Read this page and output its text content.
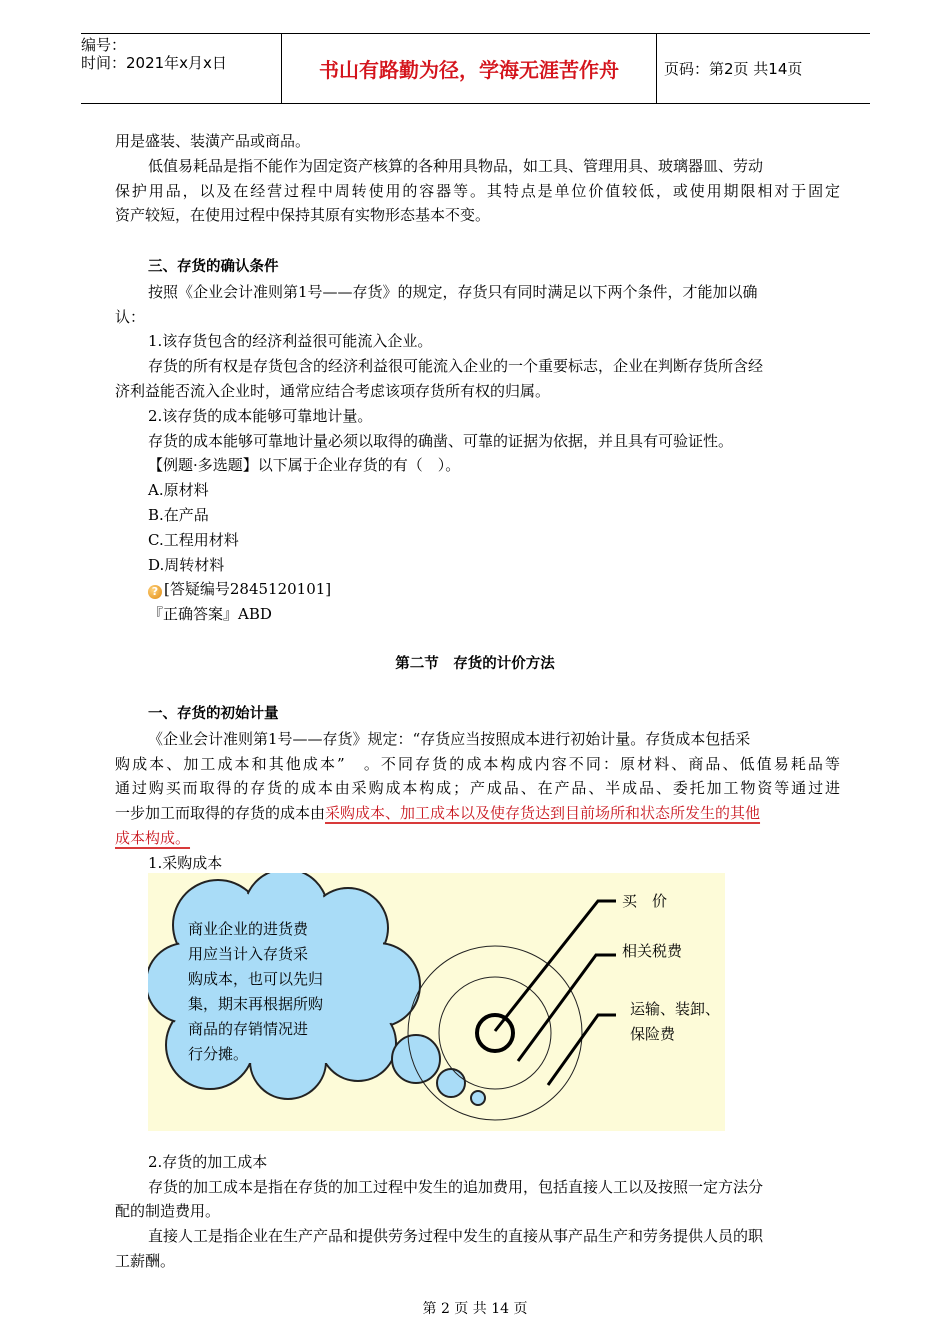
编号：
时间：2021年x月x日	书山有路勤为径，学海无涯苦作舟	页码：第2页 共14页
用是盛装、装潢产品或商品。
低值易耗品是指不能作为固定资产核算的各种用具物品，如工具、管理用具、玻璃器皿、劳动
保护用品，以及在经营过程中周转使用的容器等。其特点是单位价值较低，或使用期限相对于固定
资产较短，在使用过程中保持其原有实物形态基本不变。
三、存货的确认条件
按照《企业会计准则第1号——存货》的规定，存货只有同时满足以下两个条件，才能加以确
认：
1.该存货包含的经济利益很可能流入企业。
存货的所有权是存货包含的经济利益很可能流入企业的一个重要标志，企业在判断存货所含经
济利益能否流入企业时，通常应结合考虑该项存货所有权的归属。
2.该存货的成本能够可靠地计量。
存货的成本能够可靠地计量必须以取得的确凿、可靠的证据为依据，并且具有可验证性。
【例题·多选题】以下属于企业存货的有（　）。
A.原材料
B.在产品
C.工程用材料
D.周转材料
? [答疑编号2845120101]
『正确答案』ABD
第二节　存货的计价方法
一、存货的初始计量
《企业会计准则第1号——存货》规定：“存货应当按照成本进行初始计量。存货成本包括采
购成本、加工成本和其他成本”　。不同存货的成本构成内容不同：原材料、商品、低值易耗品等
通过购买而取得的存货的成本由采购成本构成；产成品、在产品、半成品、委托加工物资等通过进
一步加工而取得的存货的成本由采购成本、加工成本以及使存货达到目前场所和状态所发生的其他
成本构成。
1.采购成本
商业企业的进货费
用应当计入存货采
购成本，也可以先归
集，期末再根据所购
商品的存销情况进
行分摊。
买　价
相关税费
运输、装卸、
保险费
2.存货的加工成本
存货的加工成本是指在存货的加工过程中发生的追加费用，包括直接人工以及按照一定方法分
配的制造费用。
直接人工是指企业在生产产品和提供劳务过程中发生的直接从事产品生产和劳务提供人员的职
工薪酬。
第 2 页 共 14 页
